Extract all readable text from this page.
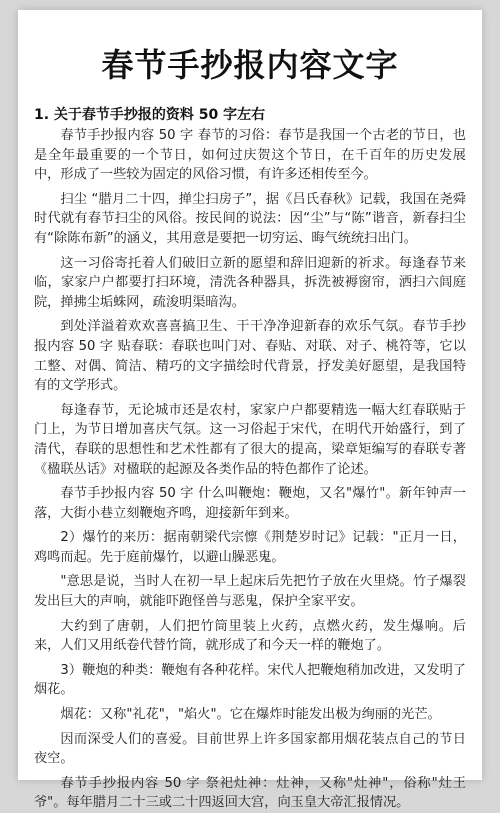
春节手抄报内容文字
1. 关于春节手抄报的资料 50 字左右

春节手抄报内容 50 字 春节的习俗：春节是我国一个古老的节日，也是全年最重要的一个节日，如何过庆贺这个节日，在千百年的历史发展中，形成了一些较为固定的风俗习惯，有许多还相传至今。

扫尘 “腊月二十四，掸尘扫房子”，据《吕氏春秋》记载，我国在尧舜时代就有春节扫尘的风俗。按民间的说法：因“尘”与“陈”谐音，新春扫尘有“除陈布新”的涵义，其用意是要把一切穷运、晦气统统扫出门。

这一习俗寄托着人们破旧立新的愿望和辞旧迎新的祈求。每逢春节来临，家家户户都要打扫环境，清洗各种器具，拆洗被褥窗帘，洒扫六闾庭院，掸拂尘垢蛛网，疏浚明渠暗沟。

到处洋溢着欢欢喜喜搞卫生、干干净净迎新春的欢乐气氛。春节手抄报内容 50 字 贴春联：春联也叫门对、春贴、对联、对子、桃符等，它以工整、对偶、简洁、精巧的文字描绘时代背景，抒发美好愿望，是我国特有的文学形式。

每逢春节，无论城市还是农村，家家户户都要精选一幅大红春联贴于门上，为节日增加喜庆气氛。这一习俗起于宋代，在明代开始盛行，到了清代，春联的思想性和艺术性都有了很大的提高，梁章矩编写的春联专著《楹联丛话》对楹联的起源及各类作品的特色都作了论述。

春节手抄报内容 50 字 什么叫鞭炮：鞭炮，又名"爆竹"。新年钟声一落，大街小巷立刻鞭炮齐鸣，迎接新年到来。

2）爆竹的来历：据南朝梁代宗懔《荆楚岁时记》记载："正月一日，鸡鸣而起。先于庭前爆竹，以避山臊恶鬼。

"意思是说，当时人在初一早上起床后先把竹子放在火里烧。竹子爆裂发出巨大的声响，就能吓跑怪兽与恶鬼，保护全家平安。

大约到了唐朝，人们把竹筒里装上火药，点燃火药，发生爆响。后来，人们又用纸卷代替竹筒，就形成了和今天一样的鞭炮了。

3）鞭炮的种类：鞭炮有各种花样。宋代人把鞭炮稍加改进，又发明了烟花。

烟花：又称"礼花"，"焰火"。它在爆炸时能发出极为绚丽的光芒。

因而深受人们的喜爱。目前世界上许多国家都用烟花装点自己的节日夜空。

春节手抄报内容 50 字 祭祀灶神：灶神，又称"灶神"，俗称"灶王爷"。每年腊月二十三或二十四返回大宫，向玉皇大帝汇报情况。
